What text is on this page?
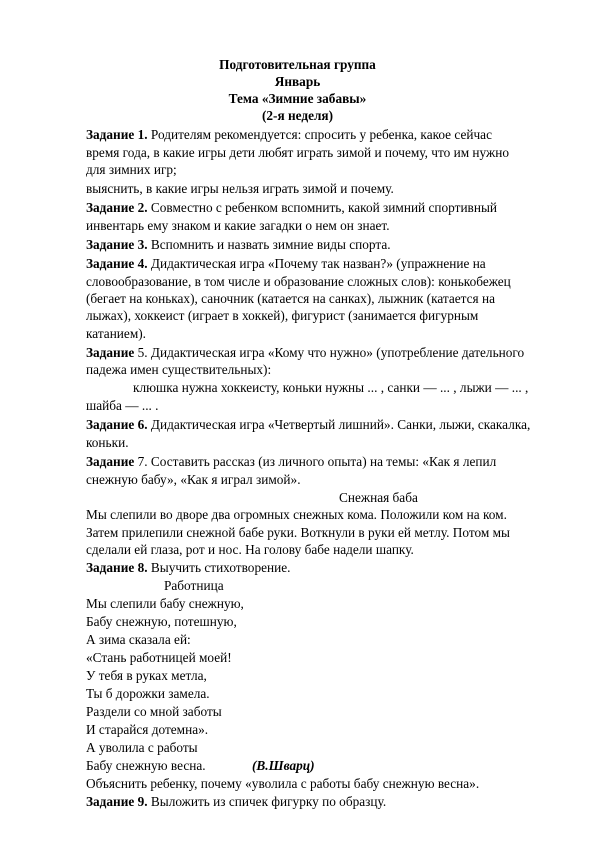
Подготовительная группа
Январь
Тема «Зимние забавы»
(2-я неделя)
Задание 1. Родителям рекомендуется: спросить у ребенка, какое сейчас
время года, в какие игры дети любят играть зимой и почему, что им нужно
для зимних игр;
выяснить, в какие игры нельзя играть зимой и почему.
Задание 2. Совместно с ребенком вспомнить, какой зимний спортивный
инвентарь ему знаком и какие загадки о нем он знает.
Задание 3. Вспомнить и назвать зимние виды спорта.
Задание 4. Дидактическая игра «Почему так назван?» (упражнение на
словообразование, в том числе и образование сложных слов): конькобежец
(бегает на коньках), саночник (катается на санках), лыжник (катается на
лыжах), хоккеист (играет в хоккей), фигурист (занимается фигурным
катанием).
Задание 5. Дидактическая игра «Кому что нужно» (употребление дательного
падежа имен существительных):
клюшка нужна хоккеисту, коньки нужны ... , санки — ... , лыжи — ... ,
шайба — ... .
Задание 6. Дидактическая игра «Четвертый лишний». Санки, лыжи, скакалка,
коньки.
Задание 7. Составить рассказ (из личного опыта) на темы: «Как я лепил
снежную бабу», «Как я играл зимой».
Снежная баба
Мы слепили во дворе два огромных снежных кома. Положили ком на ком.
Затем прилепили снежной бабе руки. Воткнули в руки ей метлу. Потом мы
сделали ей глаза, рот и нос. На голову бабе надели шапку.
Задание 8. Выучить стихотворение.
Работница
Мы слепили бабу снежную,
Бабу снежную, потешную,
А зима сказала ей:
«Стань работницей моей!
У тебя в руках метла,
Ты б дорожки замела.
Раздели со мной заботы
И старайся дотемна».
А уволила с работы
Бабу снежную весна.	(В.Шварц)
Объяснить ребенку, почему «уволила с работы бабу снежную весна».
Задание 9. Выложить из спичек фигурку по образцу.
